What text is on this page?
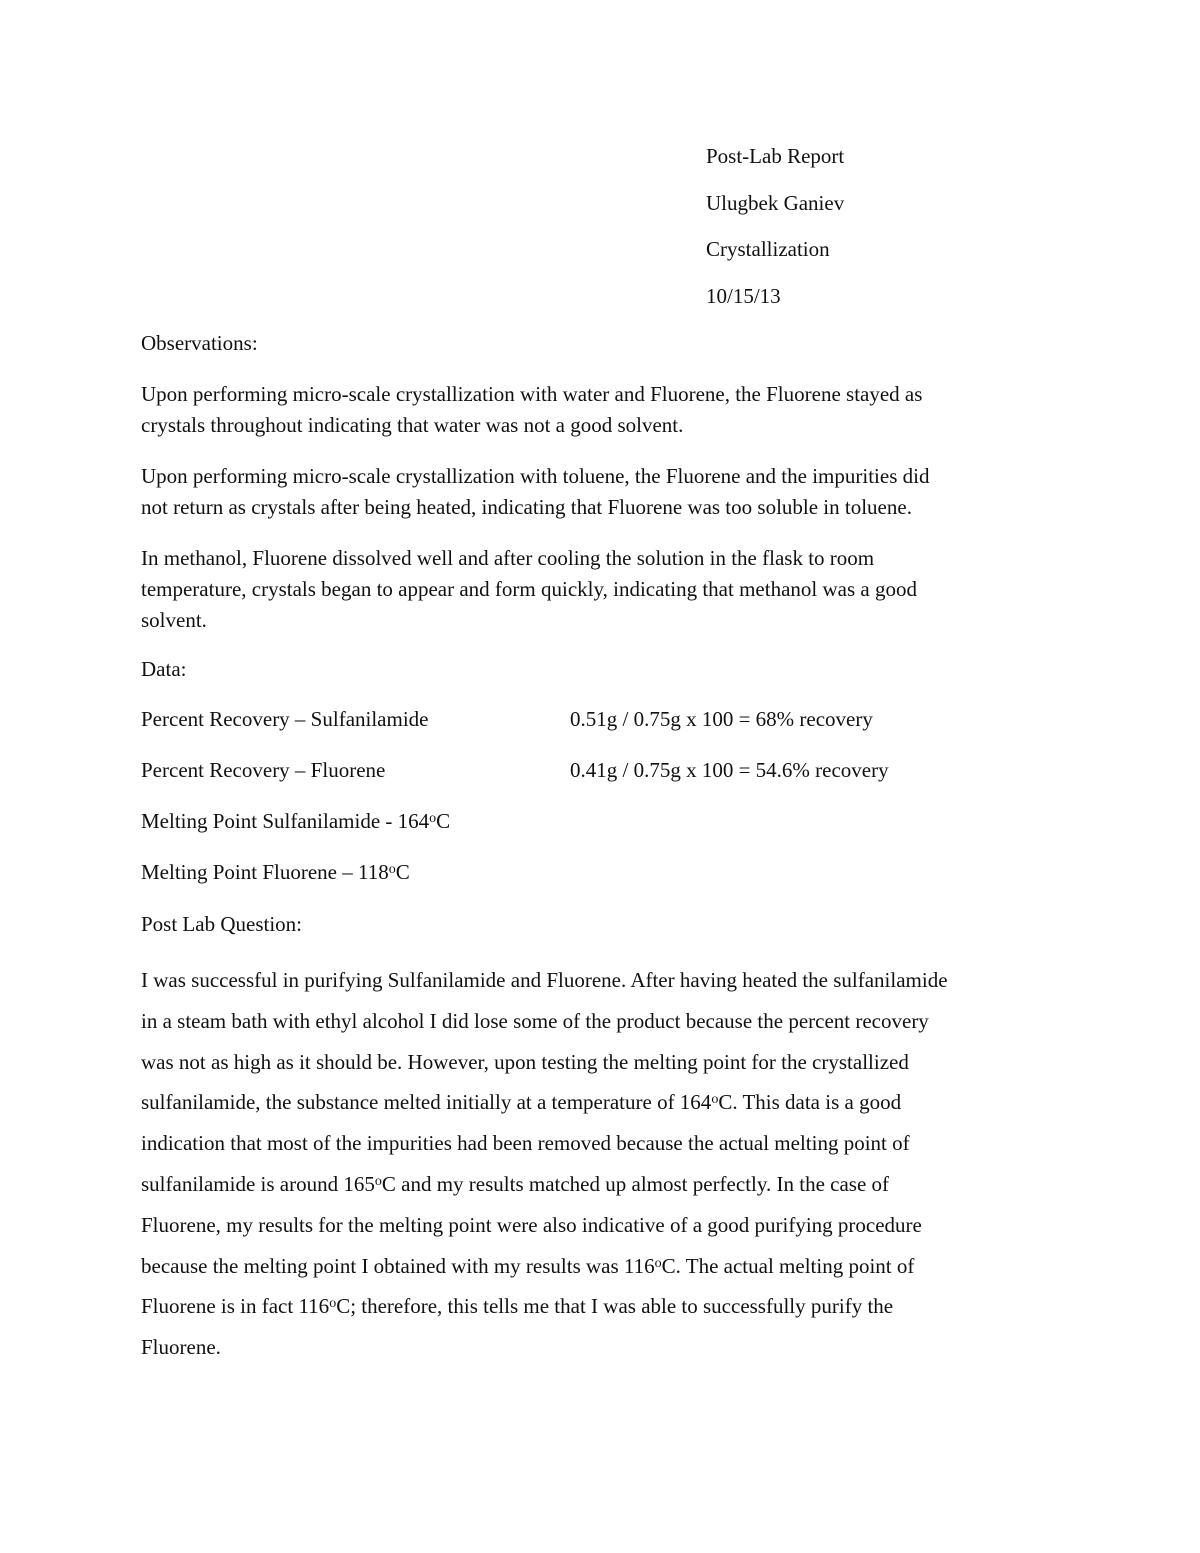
Post-Lab Report
Ulugbek Ganiev
Crystallization
10/15/13
Observations:
Upon performing micro-scale crystallization with water and Fluorene, the Fluorene stayed as
crystals throughout indicating that water was not a good solvent.
Upon performing micro-scale crystallization with toluene, the Fluorene and the impurities did
not return as crystals after being heated, indicating that Fluorene was too soluble in toluene.
In methanol, Fluorene dissolved well and after cooling the solution in the flask to room
temperature, crystals began to appear and form quickly, indicating that methanol was a good
solvent.
Data:
Percent Recovery – Sulfanilamide	0.51g / 0.75g x 100 = 68% recovery
Percent Recovery – Fluorene	0.41g / 0.75g x 100 = 54.6% recovery
Melting Point Sulfanilamide - 164$^o$C
Melting Point Fluorene – 118$^o$C
Post Lab Question:
I was successful in purifying Sulfanilamide and Fluorene. After having heated the sulfanilamide
in a steam bath with ethyl alcohol I did lose some of the product because the percent recovery
was not as high as it should be. However, upon testing the melting point for the crystallized
sulfanilamide, the substance melted initially at a temperature of 164$^o$C. This data is a good
indication that most of the impurities had been removed because the actual melting point of
sulfanilamide is around 165$^o$C and my results matched up almost perfectly. In the case of
Fluorene, my results for the melting point were also indicative of a good purifying procedure
because the melting point I obtained with my results was 116$^o$C. The actual melting point of
Fluorene is in fact 116$^o$C; therefore, this tells me that I was able to successfully purify the
Fluorene.
